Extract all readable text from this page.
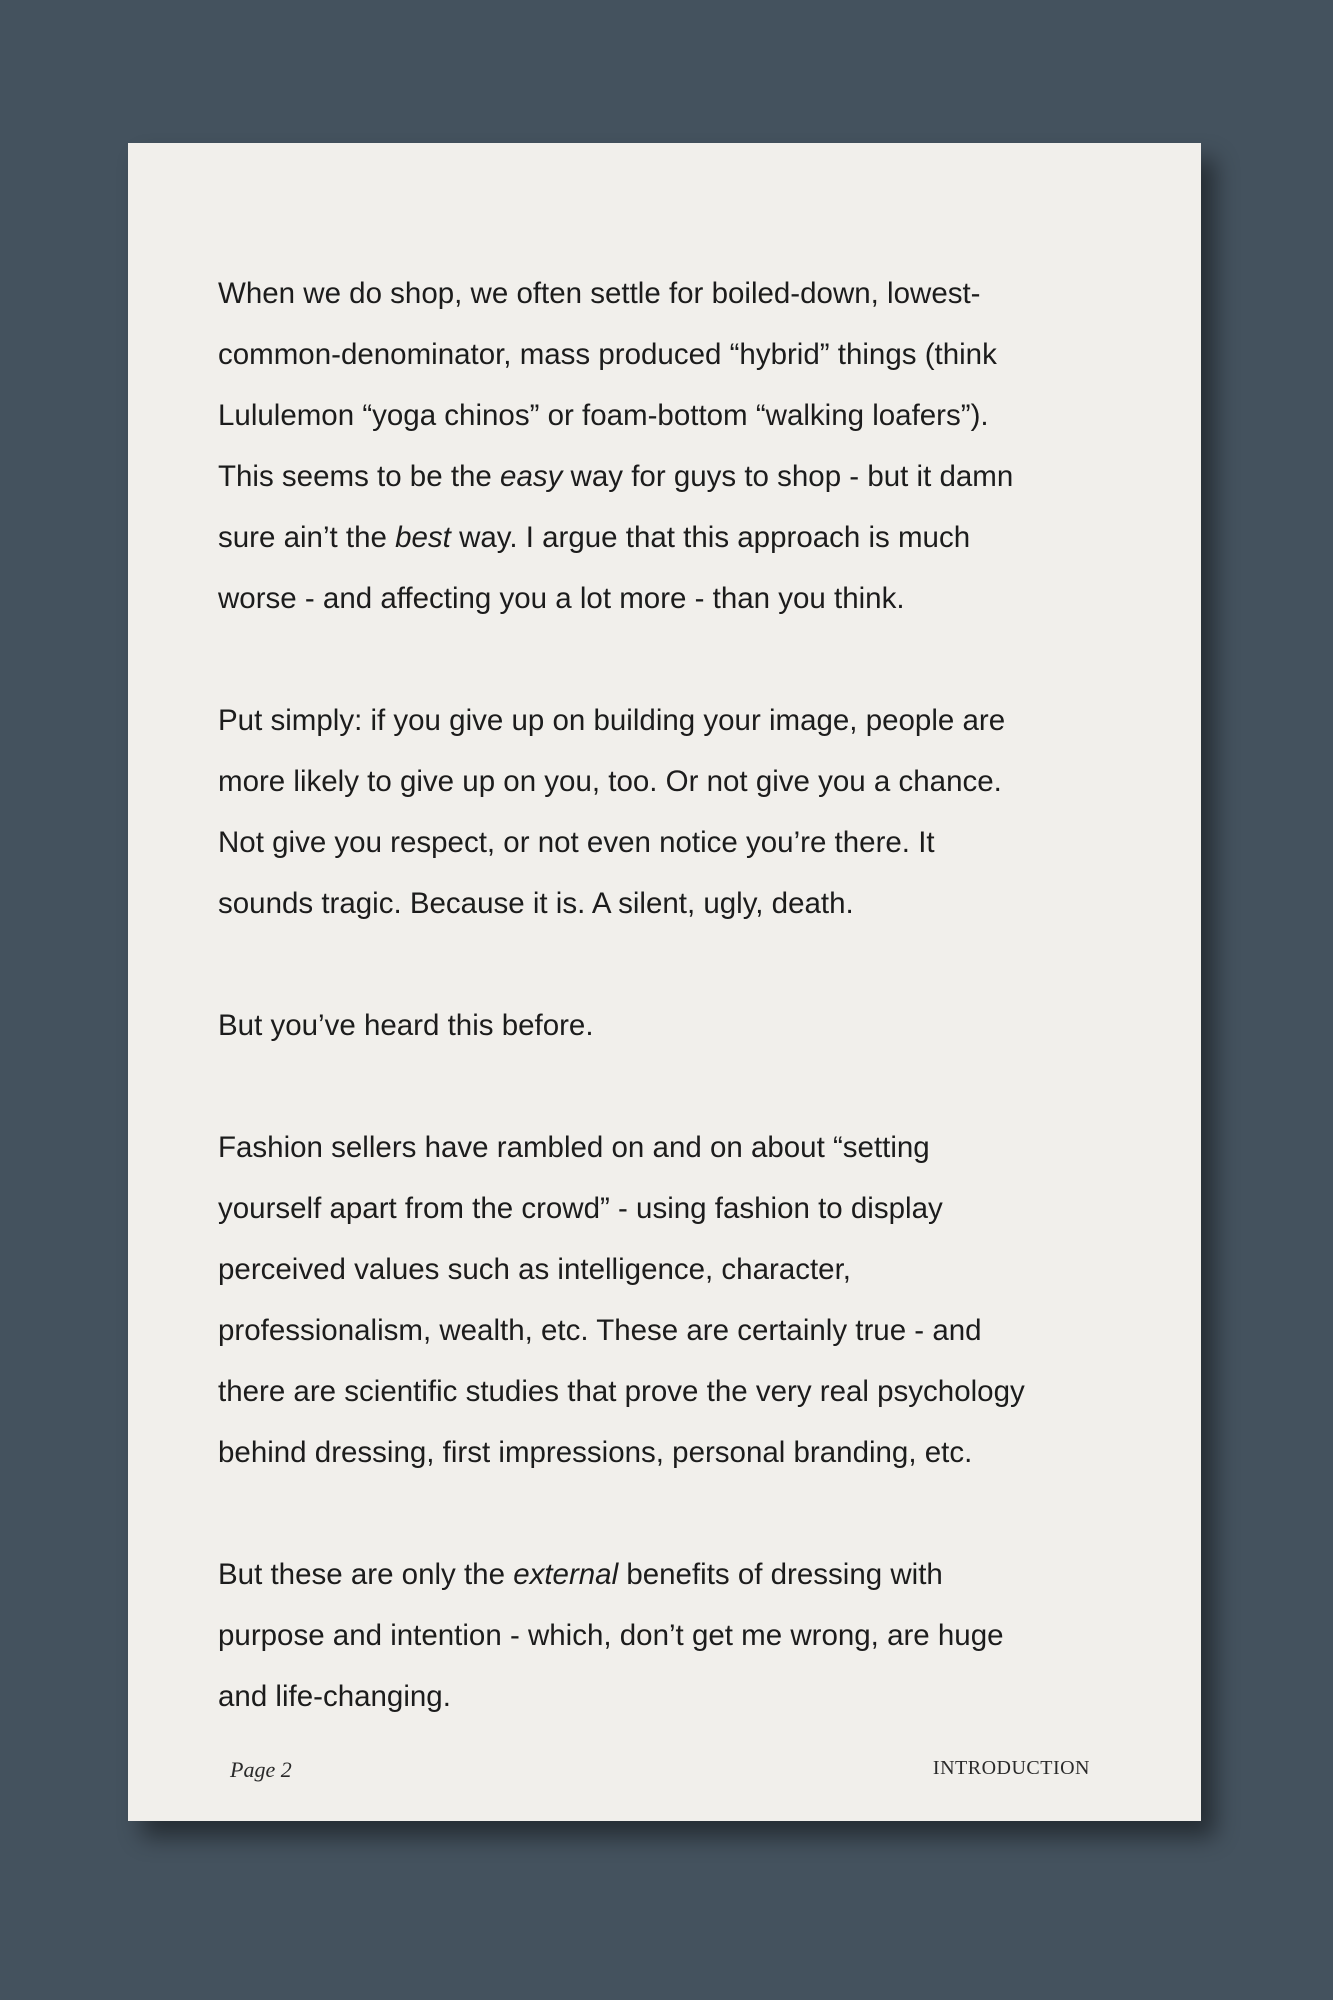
When we do shop, we often settle for boiled-down, lowest-
common-denominator, mass produced “hybrid” things (think
Lululemon “yoga chinos” or foam-bottom “walking loafers”).
This seems to be the easy way for guys to shop - but it damn
sure ain’t the best way. I argue that this approach is much
worse - and affecting you a lot more - than you think.
Put simply: if you give up on building your image, people are
more likely to give up on you, too. Or not give you a chance.
Not give you respect, or not even notice you’re there. It
sounds tragic. Because it is. A silent, ugly, death.
But you’ve heard this before.
Fashion sellers have rambled on and on about “setting
yourself apart from the crowd” - using fashion to display
perceived values such as intelligence, character,
professionalism, wealth, etc. These are certainly true - and
there are scientific studies that prove the very real psychology
behind dressing, first impressions, personal branding, etc.
But these are only the external benefits of dressing with
purpose and intention - which, don’t get me wrong, are huge
and life-changing.
Page 2	INTRODUCTION
